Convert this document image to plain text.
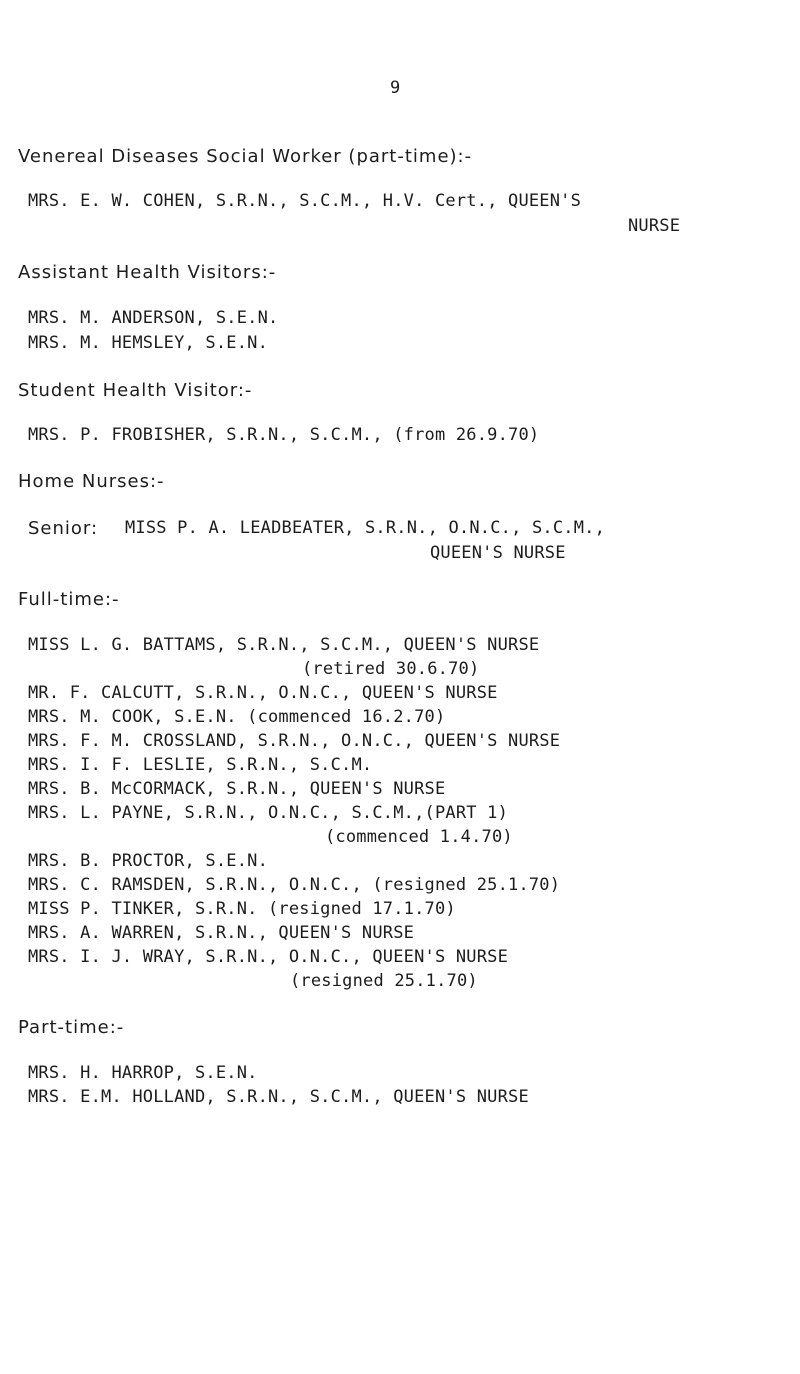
9
Venereal Diseases Social Worker (part-time):-
MRS. E. W. COHEN, S.R.N., S.C.M., H.V. Cert., QUEEN'S
NURSE
Assistant Health Visitors:-
MRS. M. ANDERSON, S.E.N.
MRS. M. HEMSLEY, S.E.N.
Student Health Visitor:-
MRS. P. FROBISHER, S.R.N., S.C.M., (from 26.9.70)
Home Nurses:-
Senior: MISS P. A. LEADBEATER, S.R.N., O.N.C., S.C.M.,
QUEEN'S NURSE
Full-time:-
MISS L. G. BATTAMS, S.R.N., S.C.M., QUEEN'S NURSE
(retired 30.6.70)
MR. F. CALCUTT, S.R.N., O.N.C., QUEEN'S NURSE
MRS. M. COOK, S.E.N. (commenced 16.2.70)
MRS. F. M. CROSSLAND, S.R.N., O.N.C., QUEEN'S NURSE
MRS. I. F. LESLIE, S.R.N., S.C.M.
MRS. B. McCORMACK, S.R.N., QUEEN'S NURSE
MRS. L. PAYNE, S.R.N., O.N.C., S.C.M.,(PART 1)
(commenced 1.4.70)
MRS. B. PROCTOR, S.E.N.
MRS. C. RAMSDEN, S.R.N., O.N.C., (resigned 25.1.70)
MISS P. TINKER, S.R.N. (resigned 17.1.70)
MRS. A. WARREN, S.R.N., QUEEN'S NURSE
MRS. I. J. WRAY, S.R.N., O.N.C., QUEEN'S NURSE
(resigned 25.1.70)
Part-time:-
MRS. H. HARROP, S.E.N.
MRS. E.M. HOLLAND, S.R.N., S.C.M., QUEEN'S NURSE
